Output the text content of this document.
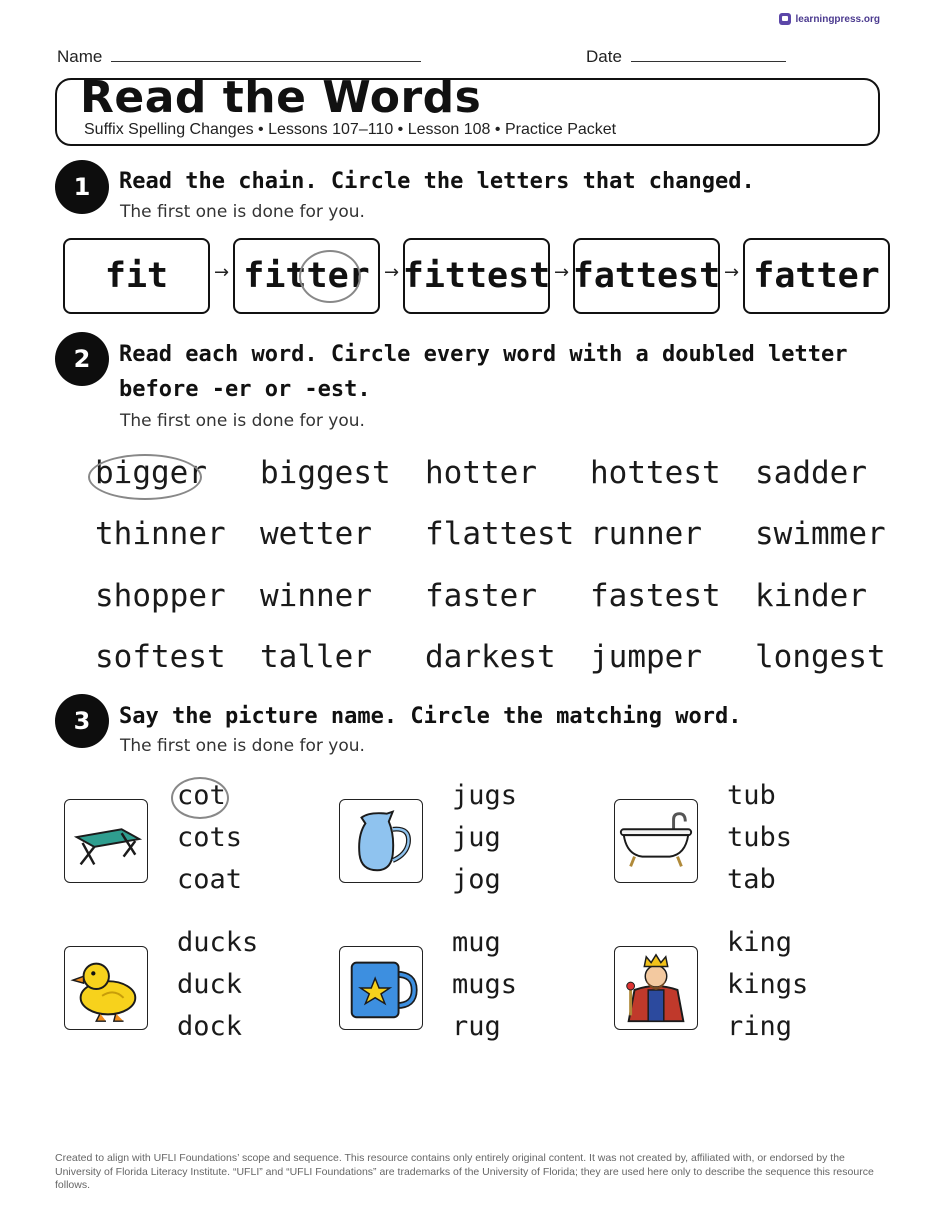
learningpress.org
Name	Date
Read the Words
Suffix Spelling Changes • Lessons 107–110 • Lesson 108 • Practice Packet
1	Read the chain. Circle the letters that changed.
The first one is done for you.
fit	→ fitter → fittest → fattest → fatter
2	Read each word. Circle every word with a doubled letter
before -er or -est.
The first one is done for you.
bigger biggest hotter hottest sadder
thinner wetter flattest runner swimmer
shopper winner faster fastest kinder
softest taller darkest jumper longest
3	Say the picture name. Circle the matching word.
The first one is done for you.
cot
cots
coat
jugs
jug
jog
tub
tubs
tab
ducks
duck
dock
mug
mugs
rug
king
kings
ring
Created to align with UFLI Foundations’ scope and sequence. This resource contains only entirely original content. It was not created by, affiliated with, or endorsed by the University of Florida Literacy Institute. “UFLI” and “UFLI Foundations” are trademarks of the University of Florida; they are used here only to describe the sequence this resource follows.
